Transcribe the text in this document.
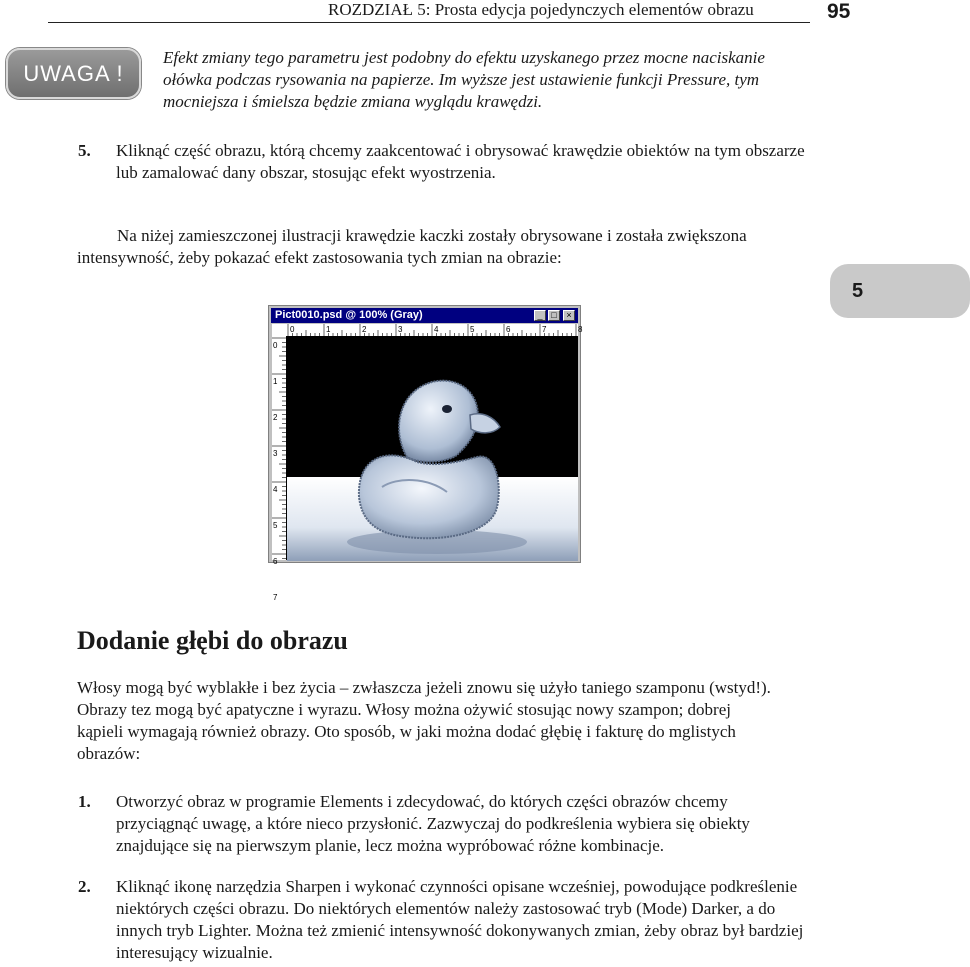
ROZDZIAŁ 5: Prosta edycja pojedynczych elementów obrazu	95
UWAGA !
Efekt zmiany tego parametru jest podobny do efektu uzyskanego przez mocne naciskanie ołówka podczas rysowania na papierze. Im wyższe jest ustawienie funkcji Pressure, tym mocniejsza i śmielsza będzie zmiana wyglądu krawędzi.
5. Kliknąć część obrazu, którą chcemy zaakcentować i obrysować krawędzie obiektów na tym obszarze lub zamalować dany obszar, stosując efekt wyostrzenia.
Na niżej zamieszczonej ilustracji krawędzie kaczki zostały obrysowane i została zwiększona intensywność, żeby pokazać efekt zastosowania tych zmian na obrazie:
5
Pict0010.psd @ 100% (Gray)	_ □	×
0	1	2	3	4	5	6	7	8
0
1
2
3
4
5
6
7
Dodanie głębi do obrazu
Włosy mogą być wyblakłe i bez życia – zwłaszcza jeżeli znowu się użyło taniego szamponu (wstyd!). Obrazy tez mogą być apatyczne i wyrazu. Włosy można ożywić stosując nowy szampon; dobrej kąpieli wymagają również obrazy. Oto sposób, w jaki można dodać głębię i fakturę do mglistych obrazów:
1. Otworzyć obraz w programie Elements i zdecydować, do których części obrazów chcemy przyciągnąć uwagę, a które nieco przysłonić. Zazwyczaj do podkreślenia wybiera się obiekty znajdujące się na pierwszym planie, lecz można wypróbować różne kombinacje.
2. Kliknąć ikonę narzędzia Sharpen i wykonać czynności opisane wcześniej, powodujące podkreślenie niektórych części obrazu. Do niektórych elementów należy zastosować tryb (Mode) Darker, a do innych tryb Lighter. Można też zmienić intensywność dokonywanych zmian, żeby obraz był bardziej interesujący wizualnie.
